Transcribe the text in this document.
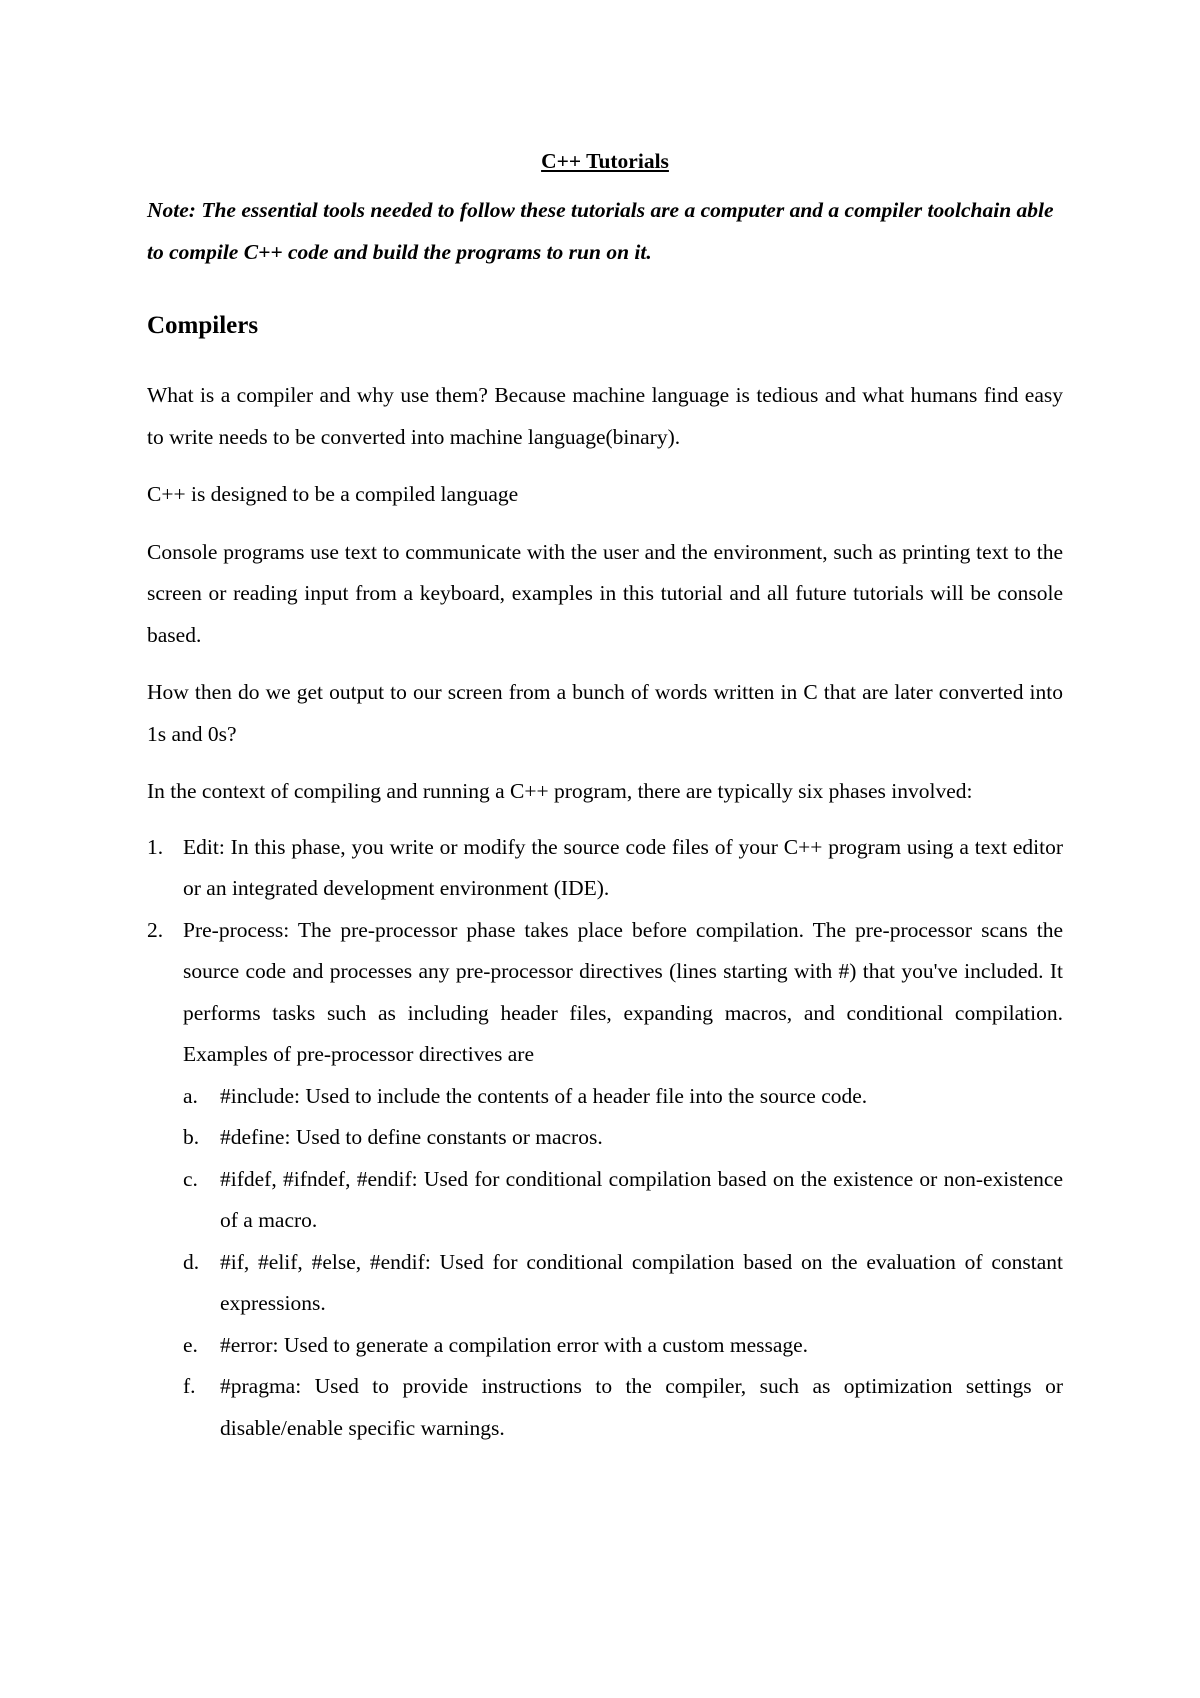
C++ Tutorials

Note: The essential tools needed to follow these tutorials are a computer and a compiler toolchain able to compile C++ code and build the programs to run on it.

Compilers

What is a compiler and why use them? Because machine language is tedious and what humans find easy to write needs to be converted into machine language(binary).

C++ is designed to be a compiled language

Console programs use text to communicate with the user and the environment, such as printing text to the screen or reading input from a keyboard, examples in this tutorial and all future tutorials will be console based.

How then do we get output to our screen from a bunch of words written in C that are later converted into 1s and 0s?

In the context of compiling and running a C++ program, there are typically six phases involved:

1. Edit: In this phase, you write or modify the source code files of your C++ program using a text editor or an integrated development environment (IDE).
2. Pre-process: The pre-processor phase takes place before compilation. The pre-processor scans the source code and processes any pre-processor directives (lines starting with #) that you've included. It performs tasks such as including header files, expanding macros, and conditional compilation. Examples of pre-processor directives are
a. #include: Used to include the contents of a header file into the source code.
b. #define: Used to define constants or macros.
c. #ifdef, #ifndef, #endif: Used for conditional compilation based on the existence or non-existence of a macro.
d. #if, #elif, #else, #endif: Used for conditional compilation based on the evaluation of constant expressions.
e. #error: Used to generate a compilation error with a custom message.
f. #pragma: Used to provide instructions to the compiler, such as optimization settings or disable/enable specific warnings.
